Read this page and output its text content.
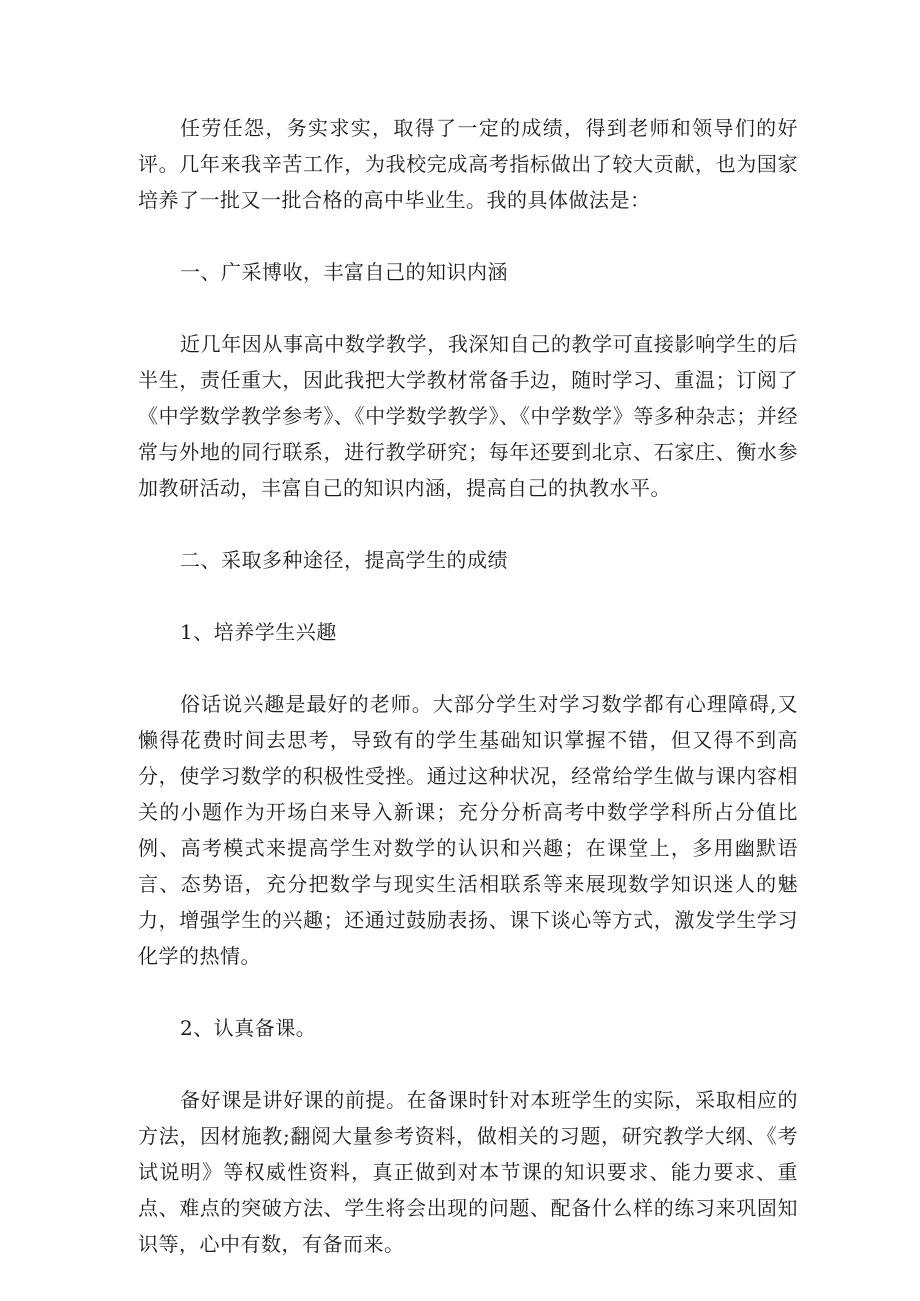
任劳任怨，务实求实，取得了一定的成绩，得到老师和领导们的好评。几年来我辛苦工作，为我校完成高考指标做出了较大贡献，也为国家培养了一批又一批合格的高中毕业生。我的具体做法是：

一、广采博收，丰富自己的知识内涵

近几年因从事高中数学教学，我深知自己的教学可直接影响学生的后半生，责任重大，因此我把大学教材常备手边，随时学习、重温；订阅了《中学数学教学参考》、《中学数学教学》、《中学数学》等多种杂志；并经常与外地的同行联系，进行教学研究；每年还要到北京、石家庄、衡水参加教研活动，丰富自己的知识内涵，提高自己的执教水平。

二、采取多种途径，提高学生的成绩

1、培养学生兴趣

俗话说兴趣是最好的老师。大部分学生对学习数学都有心理障碍,又懒得花费时间去思考，导致有的学生基础知识掌握不错，但又得不到高分，使学习数学的积极性受挫。通过这种状况，经常给学生做与课内容相关的小题作为开场白来导入新课；充分分析高考中数学学科所占分值比例、高考模式来提高学生对数学的认识和兴趣；在课堂上，多用幽默语言、态势语，充分把数学与现实生活相联系等来展现数学知识迷人的魅力，增强学生的兴趣；还通过鼓励表扬、课下谈心等方式，激发学生学习化学的热情。

2、认真备课。

备好课是讲好课的前提。在备课时针对本班学生的实际，采取相应的方法，因材施教;翻阅大量参考资料，做相关的习题，研究教学大纲、《考试说明》等权威性资料，真正做到对本节课的知识要求、能力要求、重点、难点的突破方法、学生将会出现的问题、配备什么样的练习来巩固知识等，心中有数，有备而来。
